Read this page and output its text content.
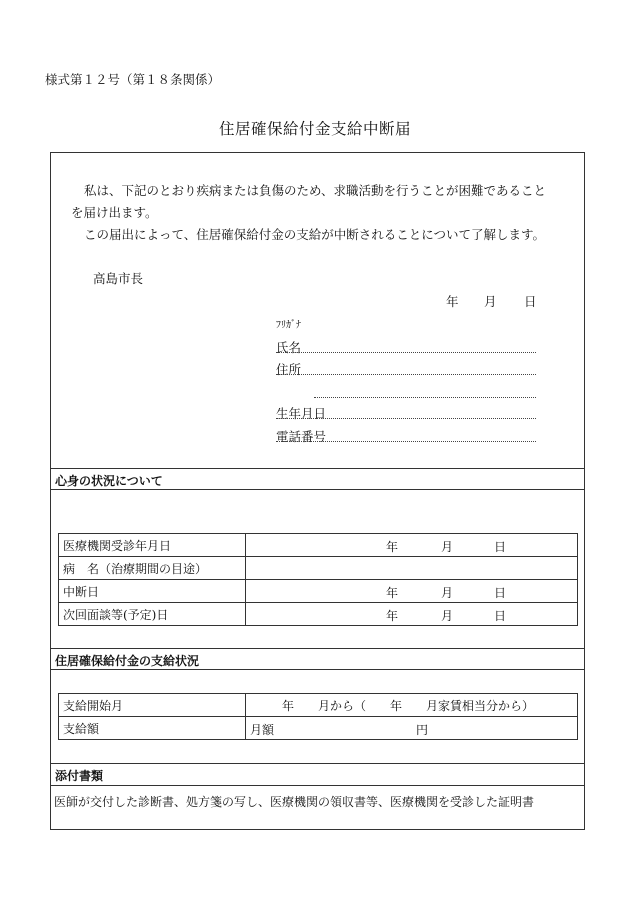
様式第１２号（第１８条関係）
住居確保給付金支給中断届
私は、下記のとおり疾病または負傷のため、求職活動を行うことが困難であること
を届け出ます。
この届出によって、住居確保給付金の支給が中断されることについて了解します。
高島市長
年 月 日
ﾌﾘｶﾞﾅ
氏名
住所
生年月日
電話番号
心身の状況について
医療機関受診年月日	年 月 日

病　名（治療期間の目途）	
中断日	年 月 日

次回面談等(予定)日	年 月 日
住居確保給付金の支給状況
支給開始月	年　　月から（　　年　　月家賃相当分から）
支給額	月額 円
添付書類
医師が交付した診断書、処方箋の写し、医療機関の領収書等、医療機関を受診した証明書
